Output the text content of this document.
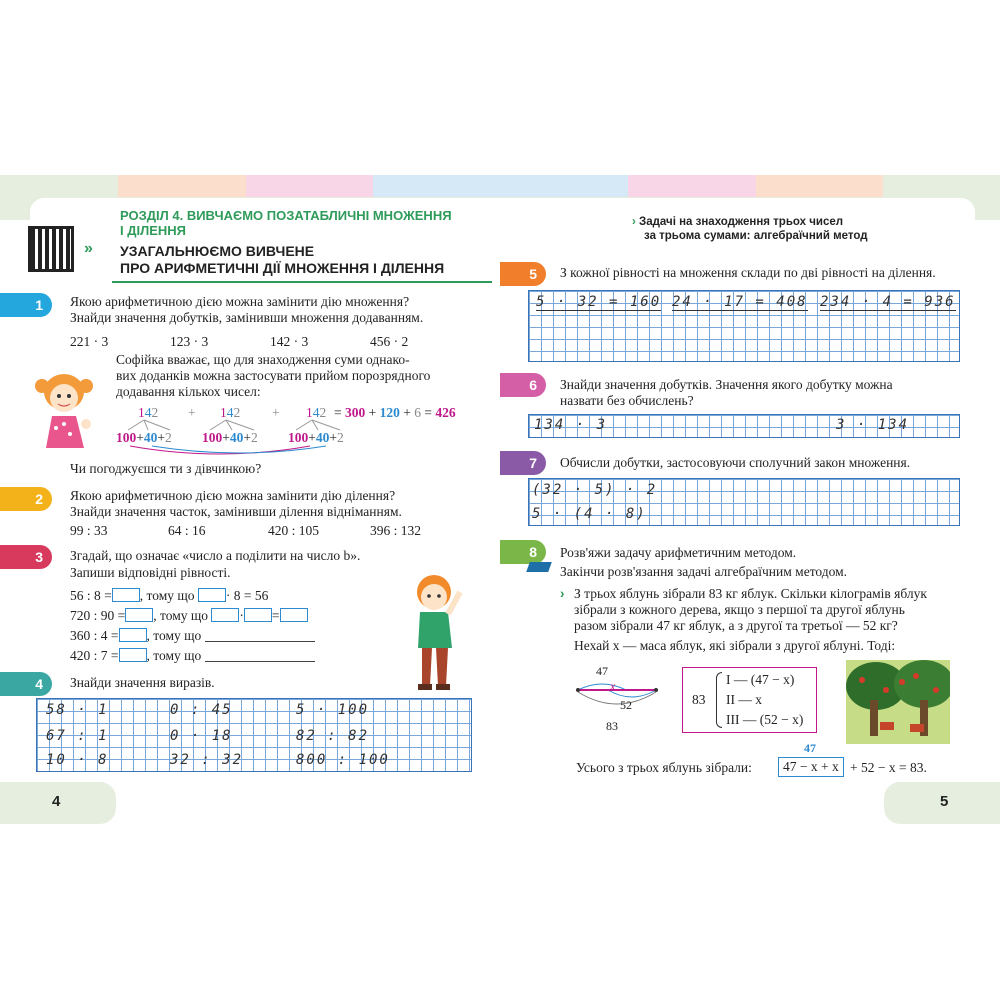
РОЗДІЛ 4. ВИВЧАЄМО ПОЗАТАБЛИЧНІ МНОЖЕННЯ
І ДІЛЕННЯ
» УЗАГАЛЬНЮЄМО ВИВЧЕНЕ
ПРО АРИФМЕТИЧНІ ДІЇ МНОЖЕННЯ І ДІЛЕННЯ
› Задачі на знаходження трьох чисел
за трьома сумами: алгебраїчний метод
1	Якою арифметичною дією можна замінити дію множення?
Знайди значення добутків, замінивши множення додаванням.
221 · 3	123 · 3	142 · 3	456 · 2
Софійка вважає, що для знаходження суми однако-
вих доданків можна застосувати прийом порозрядного
додавання кількох чисел:
142 + 142 + 142 = 300 + 120 + 6 = 426
100+40+2 100+40+2 100+40+2
Чи погоджуєшся ти з дівчинкою?
2	Якою арифметичною дією можна замінити дію ділення?
Знайди значення часток, замінивши ділення відніманням.
99 : 33	64 : 16	420 : 105	396 : 132
3	Згадай, що означає «число а поділити на число b».
Запиши відповідні рівності.
56 : 8 = , тому що · 8 = 56
720 : 90 = , тому що · =
360 : 4 = , тому що
420 : 7 = , тому що
4	Знайди значення виразів.
58 · 1	0 : 45	5 · 100
67 : 1	0 · 18	82 : 82
10 · 8	32 : 32	800 : 100
5	З кожної рівності на множення склади по дві рівності на ділення.
5 · 32 = 160 24 · 17 = 408 234 · 4 = 936
6	Знайди значення добутків. Значення якого добутку можна
назвати без обчислень?
134 · 3	3 · 134
7	Обчисли добутки, застосовуючи сполучний закон множення.
(32 · 5) · 2
5 · (4 · 8)
8	Розв'яжи задачу арифметичним методом.
Закінчи розв'язання задачі алгебраїчним методом.
› З трьох яблунь зібрали 83 кг яблук. Скільки кілограмів яблук
зібрали з кожного дерева, якщо з першої та другої яблунь
разом зібрали 47 кг яблук, а з другої та третьої — 52 кг?
Нехай x — маса яблук, які зібрали з другої яблуні. Тоді:
47
x
52
83
83
I — (47 − x)
II — x
III — (52 − x)
47
Усього з трьох яблунь зібрали:	47 − x + x + 52 − x = 83.
4	5
